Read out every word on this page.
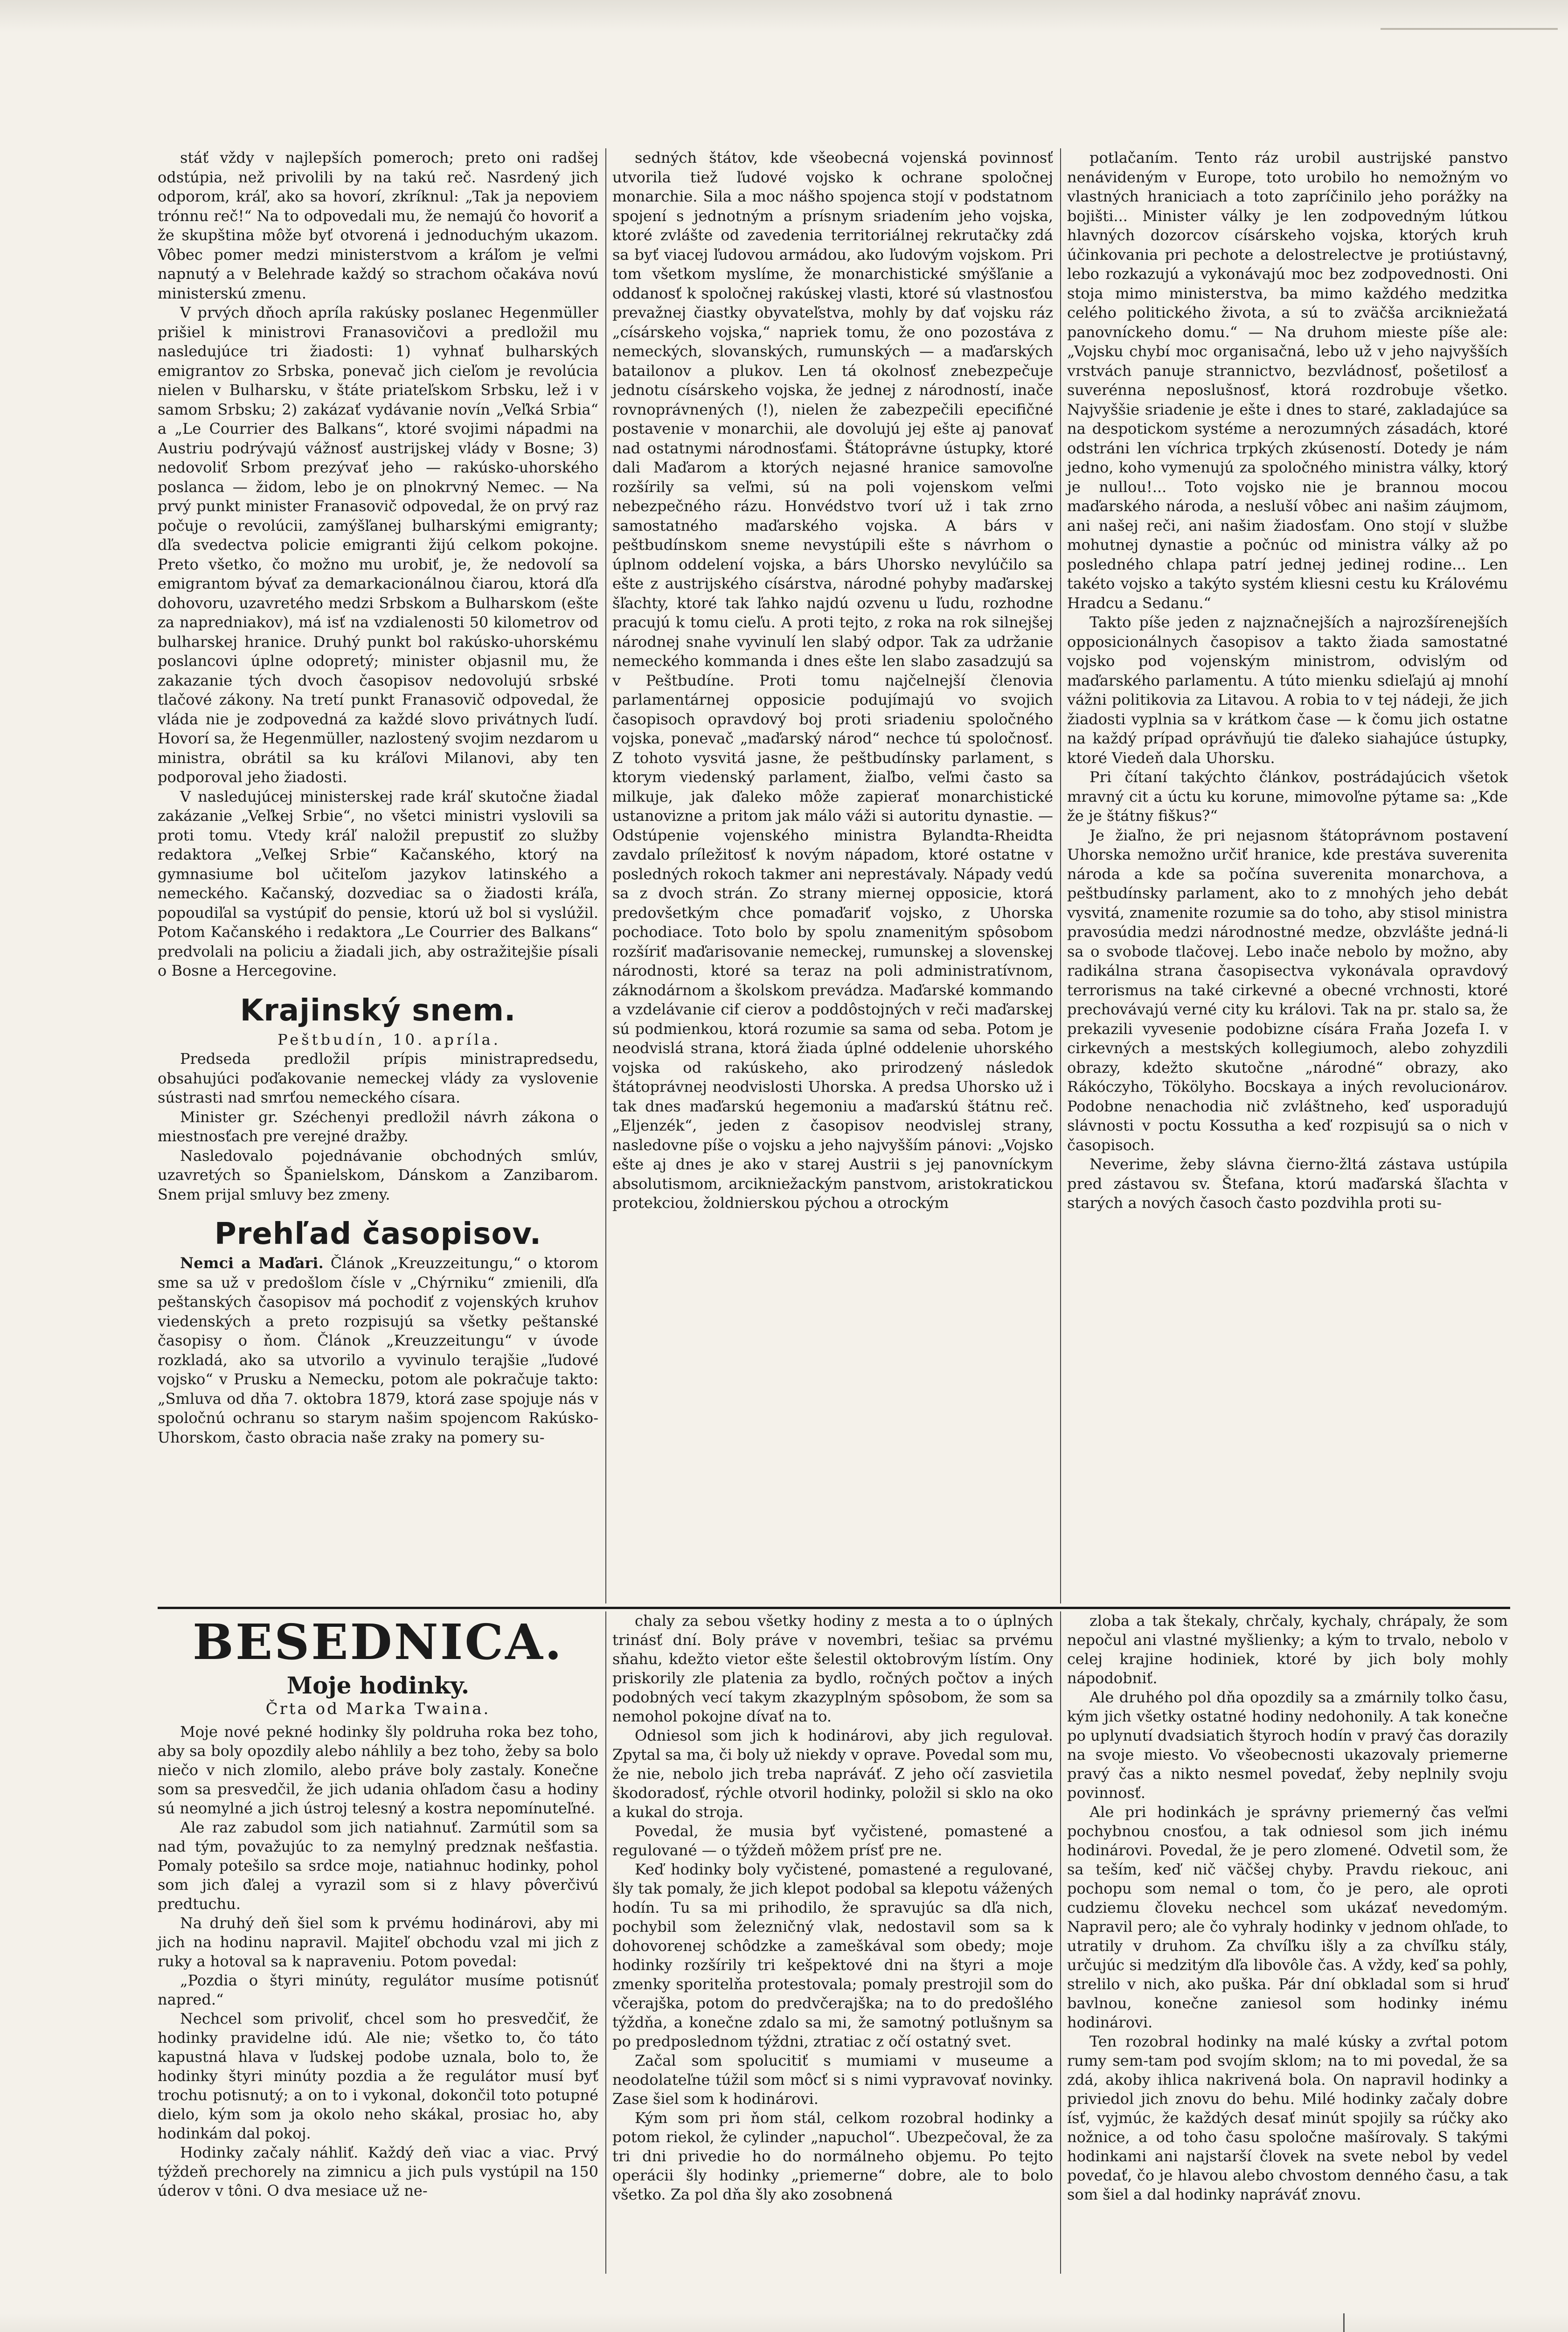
stáť vždy v najlepších pomeroch; preto oni radšej odstúpia, než privolili by na takú reč. Nasrdený jich odporom, kráľ, ako sa hovorí, zkríknul: „Tak ja nepoviem trónnu reč!“ Na to odpovedali mu, že nemajú čo hovoriť a že skupština môže byť otvorená i jednoduchým ukazom. Vôbec pomer medzi ministerstvom a kráľom je veľmi napnutý a v Belehrade každý so strachom očakáva novú ministerskú zmenu.

V prvých dňoch apríla rakúsky poslanec Hegenmüller prišiel k ministrovi Franasovičovi a predložil mu nasledujúce tri žiadosti: 1) vyhnať bulharských emigrantov zo Srbska, ponevač jich cieľom je revolúcia nielen v Bulharsku, v štáte priateľskom Srbsku, lež i v samom Srbsku; 2) zakázať vydávanie novín „Veľká Srbia“ a „Le Courrier des Balkans“, ktoré svojimi nápadmi na Austriu podrývajú vážnosť austrijskej vlády v Bosne; 3) nedovoliť Srbom prezývať jeho — rakúsko-uhorského poslanca — židom, lebo je on plnokrvný Nemec. — Na prvý punkt minister Franasovič odpovedal, že on prvý raz počuje o revolúcii, zamýšľanej bulharskými emigranty; dľa svedectva policie emigranti žijú celkom pokojne. Preto všetko, čo možno mu urobiť, je, že nedovolí sa emigrantom bývať za demarkacionálnou čiarou, ktorá dľa dohovoru, uzavretého medzi Srbskom a Bulharskom (ešte za napredniakov), má isť na vzdialenosti 50 kilometrov od bulharskej hranice. Druhý punkt bol rakúsko-uhorskému poslancovi úplne odopretý; minister objasnil mu, že zakazanie tých dvoch časopisov nedovolujú srbské tlačové zákony. Na tretí punkt Franasovič odpovedal, že vláda nie je zodpovedná za každé slovo privátnych ľudí. Hovorí sa, že Hegenmüller, nazlostený svojim nezdarom u ministra, obrátil sa ku kráľovi Milanovi, aby ten podporoval jeho žiadosti.

V nasledujúcej ministerskej rade kráľ skutočne žiadal zakázanie „Veľkej Srbie“, no všetci ministri vyslovili sa proti tomu. Vtedy kráľ naložil prepustiť zo služby redaktora „Veľkej Srbie“ Kačanského, ktorý na gymnasiume bol učiteľom jazykov latinského a nemeckého. Kačanský, dozvediac sa o žiadosti kráľa, popoudiľal sa vystúpiť do pensie, ktorú už bol si vyslúžil. Potom Kačanského i redaktora „Le Courrier des Balkans“ predvolali na policiu a žiadali jich, aby ostražitejšie písali o Bosne a Hercegovine.

Krajinský snem.

Peštbudín, 10. apríla.

Predseda predložil prípis ministrapredsedu, obsahujúci poďakovanie nemeckej vlády za vyslovenie sústrasti nad smrťou nemeckého císara.

Minister gr. Széchenyi predložil návrh zákona o miestnosťach pre verejné dražby.

Nasledovalo pojednávanie obchodných smlúv, uzavretých so Španielskom, Dánskom a Zanzibarom. Snem prijal smluvy bez zmeny.

Prehľad časopisov.

Nemci a Maďari. Článok „Kreuzzeitungu,“ o ktorom sme sa už v predošlom čísle v „Chýrniku“ zmienili, dľa peštanských časopisov má pochodiť z vojenských kruhov viedenských a preto rozpisujú sa všetky peštanské časopisy o ňom. Článok „Kreuzzeitungu“ v úvode rozkladá, ako sa utvorilo a vyvinulo terajšie „ľudové vojsko“ v Prusku a Nemecku, potom ale pokračuje takto: „Smluva od dňa 7. oktobra 1879, ktorá zase spojuje nás v spoločnú ochranu so starym našim spojencom Rakúsko-Uhorskom, často obracia naše zraky na pomery su-

sedných štátov, kde všeobecná vojenská povinnosť utvorila tiež ľudové vojsko k ochrane spoločnej monarchie. Sila a moc nášho spojenca stojí v podstatnom spojení s jednotným a prísnym sriadením jeho vojska, ktoré zvlášte od zavedenia territoriálnej rekrutačky zdá sa byť viacej ľudovou armádou, ako ľudovým vojskom. Pri tom všetkom myslíme, že monarchistické smýšľanie a oddanosť k spoločnej rakúskej vlasti, ktoré sú vlastnosťou prevažnej čiastky obyvateľstva, mohly by dať vojsku ráz „císárskeho vojska,“ napriek tomu, že ono pozostáva z nemeckých, slovanských, rumunských — a maďarských batailonov a plukov. Len tá okolnosť znebezpečuje jednotu císárskeho vojska, že jednej z národností, inače rovnoprávnených (!), nielen že zabezpečili epecifičné postavenie v monarchii, ale dovolujú jej ešte aj panovať nad ostatnymi národnosťami. Štátoprávne ústupky, ktoré dali Maďarom a ktorých nejasné hranice samovoľne rozšírily sa veľmi, sú na poli vojenskom veľmi nebezpečného rázu. Honvédstvo tvorí už i tak zrno samostatného maďarského vojska. A bárs v peštbudínskom sneme nevystúpili ešte s návrhom o úplnom oddelení vojska, a bárs Uhorsko nevylúčilo sa ešte z austrijského císárstva, národné pohyby maďarskej šľachty, ktoré tak ľahko najdú ozvenu u ľudu, rozhodne pracujú k tomu cieľu. A proti tejto, z roka na rok silnejšej národnej snahe vyvinulí len slabý odpor. Tak za udržanie nemeckého kommanda i dnes ešte len slabo zasadzujú sa v Peštbudíne. Proti tomu najčelnejší členovia parlamentárnej opposicie podujímajú vo svojich časopisoch opravdový boj proti sriadeniu spoločného vojska, ponevač „maďarský národ“ nechce tú spoločnosť. Z tohoto vysvitá jasne, že peštbudínsky parlament, s ktorym viedenský parlament, žiaľbo, veľmi často sa milkuje, jak ďaleko môže zapierať monarchistické ustanovizne a pritom jak málo váži si autoritu dynastie. — Odstúpenie vojenského ministra Bylandta-Rheidta zavdalo príležitosť k novým nápadom, ktoré ostatne v posledných rokoch takmer ani neprestávaly. Nápady vedú sa z dvoch strán. Zo strany miernej opposicie, ktorá predovšetkým chce pomaďariť vojsko, z Uhorska pochodiace. Toto bolo by spolu znamenitým spôsobom rozšíriť maďarisovanie nemeckej, rumunskej a slovenskej národnosti, ktoré sa teraz na poli administratívnom, záknodárnom a školskom prevádza. Maďarské kommando a vzdelávanie cif cierov a poddôstojných v reči maďarskej sú podmienkou, ktorá rozumie sa sama od seba. Potom je neodvislá strana, ktorá žiada úplné oddelenie uhorského vojska od rakúskeho, ako prirodzený následok štátoprávnej neodvislosti Uhorska. A predsa Uhorsko už i tak dnes maďarskú hegemoniu a maďarskú štátnu reč. „Eljenzék“, jeden z časopisov neodvislej strany, nasledovne píše o vojsku a jeho najvyšším pánovi: „Vojsko ešte aj dnes je ako v starej Austrii s jej panovníckym absolutismom, arcikniežackým panstvom, aristokratickou protekciou, žoldnierskou pýchou a otrockým

potlačaním. Tento ráz urobil austrijské panstvo nenávideným v Europe, toto urobilo ho nemožným vo vlastných hraniciach a toto zapríčinilo jeho porážky na bojišti... Minister války je len zodpovedným lútkou hlavných dozorcov císárskeho vojska, ktorých kruh účinkovania pri pechote a delostrelectve je protiústavný, lebo rozkazujú a vykonávajú moc bez zodpovednosti. Oni stoja mimo ministerstva, ba mimo každého medzitka celého politického života, a sú to zväčša arcikniežatá panovníckeho domu.“ — Na druhom mieste píše ale: „Vojsku chybí moc organisačná, lebo už v jeho najvyšších vrstvách panuje strannictvo, bezvládnosť, pošetilosť a suverénna neposlušnosť, ktorá rozdrobuje všetko. Najvyššie sriadenie je ešte i dnes to staré, zakladajúce sa na despotickom systéme a nerozumných zásadách, ktoré odstráni len víchrica trpkých zkúseností. Dotedy je nám jedno, koho vymenujú za spoločného ministra války, ktorý je nullou!... Toto vojsko nie je brannou mocou maďarského národa, a nesluší vôbec ani našim záujmom, ani našej reči, ani našim žiadosťam. Ono stojí v službe mohutnej dynastie a počnúc od ministra války až po posledného chlapa patrí jednej jedinej rodine... Len takéto vojsko a takýto systém kliesni cestu ku Královému Hradcu a Sedanu.“

Takto píše jeden z najznačnejších a najrozšírenejších opposicionálnych časopisov a takto žiada samostatné vojsko pod vojenským ministrom, odvislým od maďarského parlamentu. A túto mienku sdieľajú aj mnohí vážni politikovia za Litavou. A robia to v tej nádeji, že jich žiadosti vyplnia sa v krátkom čase — k čomu jich ostatne na každý prípad oprávňujú tie ďaleko siahajúce ústupky, ktoré Viedeň dala Uhorsku.

Pri čítaní takýchto článkov, postrádajúcich všetok mravný cit a úctu ku korune, mimovoľne pýtame sa: „Kde že je štátny fiškus?“

Je žiaľno, že pri nejasnom štátoprávnom postavení Uhorska nemožno určiť hranice, kde prestáva suverenita národa a kde sa počína suverenita monarchova, a peštbudínsky parlament, ako to z mnohých jeho debát vysvitá, znamenite rozumie sa do toho, aby stisol ministra pravosúdia medzi národnostné medze, obzvlášte jedná-li sa o svobode tlačovej. Lebo inače nebolo by možno, aby radikálna strana časopisectva vykonávala opravdový terrorismus na také cirkevné a obecné vrchnosti, ktoré prechovávajú verné city ku královi. Tak na pr. stalo sa, že prekazili vyvesenie podobizne císára Fraňa Jozefa I. v cirkevných a mestských kollegiumoch, alebo zohyzdili obrazy, kdežto skutočne „národné“ obrazy, ako Rákóczyho, Tökölyho. Bocskaya a iných revolucionárov. Podobne nenachodia nič zvláštneho, keď usporadujú slávnosti v poctu Kossutha a keď rozpisujú sa o nich v časopisoch.

Neverime, žeby slávna čierno-žltá zástava ustúpila pred zástavou sv. Štefana, ktorú maďarská šľachta v starých a nových časoch často pozdvihla proti su-

BESEDNICA.
Moje hodinky.
Črta od Marka Twaina.

Moje nové pekné hodinky šly poldruha roka bez toho, aby sa boly opozdily alebo náhlily a bez toho, žeby sa bolo niečo v nich zlomilo, alebo práve boly zastaly. Konečne som sa presvedčil, že jich udania ohľadom času a hodiny sú neomylné a jich ústroj telesný a kostra nepomínuteľné.

Ale raz zabudol som jich natiahnuť. Zarmútil som sa nad tým, považujúc to za nemylný predznak nešťastia. Pomaly potešilo sa srdce moje, natiahnuc hodinky, pohol som jich ďalej a vyrazil som si z hlavy pôverčivú predtuchu.

Na druhý deň šiel som k prvému hodinárovi, aby mi jich na hodinu napravil. Majiteľ obchodu vzal mi jich z ruky a hotoval sa k napraveniu. Potom povedal:

„Pozdia o štyri minúty, regulátor musíme potisnúť napred.“

Nechcel som privoliť, chcel som ho presvedčiť, že hodinky pravidelne idú. Ale nie; všetko to, čo táto kapustná hlava v ľudskej podobe uznala, bolo to, že hodinky štyri minúty pozdia a že regulátor musí byť trochu potisnutý; a on to i vykonal, dokončil toto potupné dielo, kým som ja okolo neho skákal, prosiac ho, aby hodinkám dal pokoj.

Hodinky začaly náhliť. Každý deň viac a viac. Prvý týždeň prechorely na zimnicu a jich puls vystúpil na 150 úderov v tôni. O dva mesiace už ne-

chaly za sebou všetky hodiny z mesta a to o úplných trinásť dní. Boly práve v novembri, tešiac sa prvému sňahu, kdežto vietor ešte šelestil oktobrovým lístím. Ony priskorily zle platenia za bydlo, ročných počtov a iných podobných vecí takym zkazyplným spôsobom, že som sa nemohol pokojne dívať na to.

Odniesol som jich k hodinárovi, aby jich regulovał. Zpytal sa ma, či boly už niekdy v oprave. Povedal som mu, že nie, nebolo jich treba napráváť. Z jeho očí zasvietila škodoradosť, rýchle otvoril hodinky, položil si sklo na oko a kukal do stroja.

Povedal, že musia byť vyčistené, pomastené a regulované — o týždeň môžem prísť pre ne.

Keď hodinky boly vyčistené, pomastené a regulované, šly tak pomaly, že jich klepot podobal sa klepotu vážených hodín. Tu sa mi prihodilo, že spravujúc sa dľa nich, pochybil som železničný vlak, nedostavil som sa k dohovorenej schôdzke a zameškával som obedy; moje hodinky rozšírily tri kešpektové dni na štyri a moje zmenky sporitelňa protestovala; pomaly prestrojil som do včerajška, potom do predvčerajška; na to do predošlého týždňa, a konečne zdalo sa mi, že samotný potlušnym sa po predposlednom týždni, ztratiac z očí ostatný svet.

Začal som spolucitiť s mumiami v museume a neodolateľne túžil som môcť si s nimi vypravovať novinky. Zase šiel som k hodinárovi.

Kým som pri ňom stál, celkom rozobral hodinky a potom riekol, že cylinder „napuchol“. Ubezpečoval, že za tri dni privedie ho do normálneho objemu. Po tejto operácii šly hodinky „priemerne“ dobre, ale to bolo všetko. Za pol dňa šly ako zosobnená

zloba a tak štekaly, chrčaly, kychaly, chrápaly, že som nepočul ani vlastné myšlienky; a kým to trvalo, nebolo v celej krajine hodiniek, ktoré by jich boly mohly nápodobniť.

Ale druhého pol dňa opozdily sa a zmárnily tolko času, kým jich všetky ostatné hodiny nedohonily. A tak konečne po uplynutí dvadsiatich štyroch hodín v pravý čas dorazily na svoje miesto. Vo všeobecnosti ukazovaly priemerne pravý čas a nikto nesmel povedať, žeby neplnily svoju povinnosť.

Ale pri hodinkách je správny priemerný čas veľmi pochybnou cnosťou, a tak odniesol som jich inému hodinárovi. Povedal, že je pero zlomené. Odvetil som, že sa teším, keď nič väčšej chyby. Pravdu riekouc, ani pochopu som nemal o tom, čo je pero, ale oproti cudziemu človeku nechcel som ukázať nevedomým. Napravil pero; ale čo vyhraly hodinky v jednom ohľade, to utratily v druhom. Za chvíľku išly a za chvíľku stály, určujúc si medzitým dľa libovôle čas. A vždy, keď sa pohly, strelilo v nich, ako puška. Pár dní obkladal som si hruď bavlnou, konečne zaniesol som hodinky inému hodinárovi.

Ten rozobral hodinky na malé kúsky a zvŕtal potom rumy sem-tam pod svojím sklom; na to mi povedal, že sa zdá, akoby ihlica nakrivená bola. On napravil hodinky a priviedol jich znovu do behu. Milé hodinky začaly dobre ísť, vyjmúc, že každých desať minút spojily sa rúčky ako nožnice, a od toho času spoločne mašírovaly. S takými hodinkami ani najstarší človek na svete nebol by vedel povedať, čo je hlavou alebo chvostom denného času, a tak som šiel a dal hodinky napráváť znovu.
